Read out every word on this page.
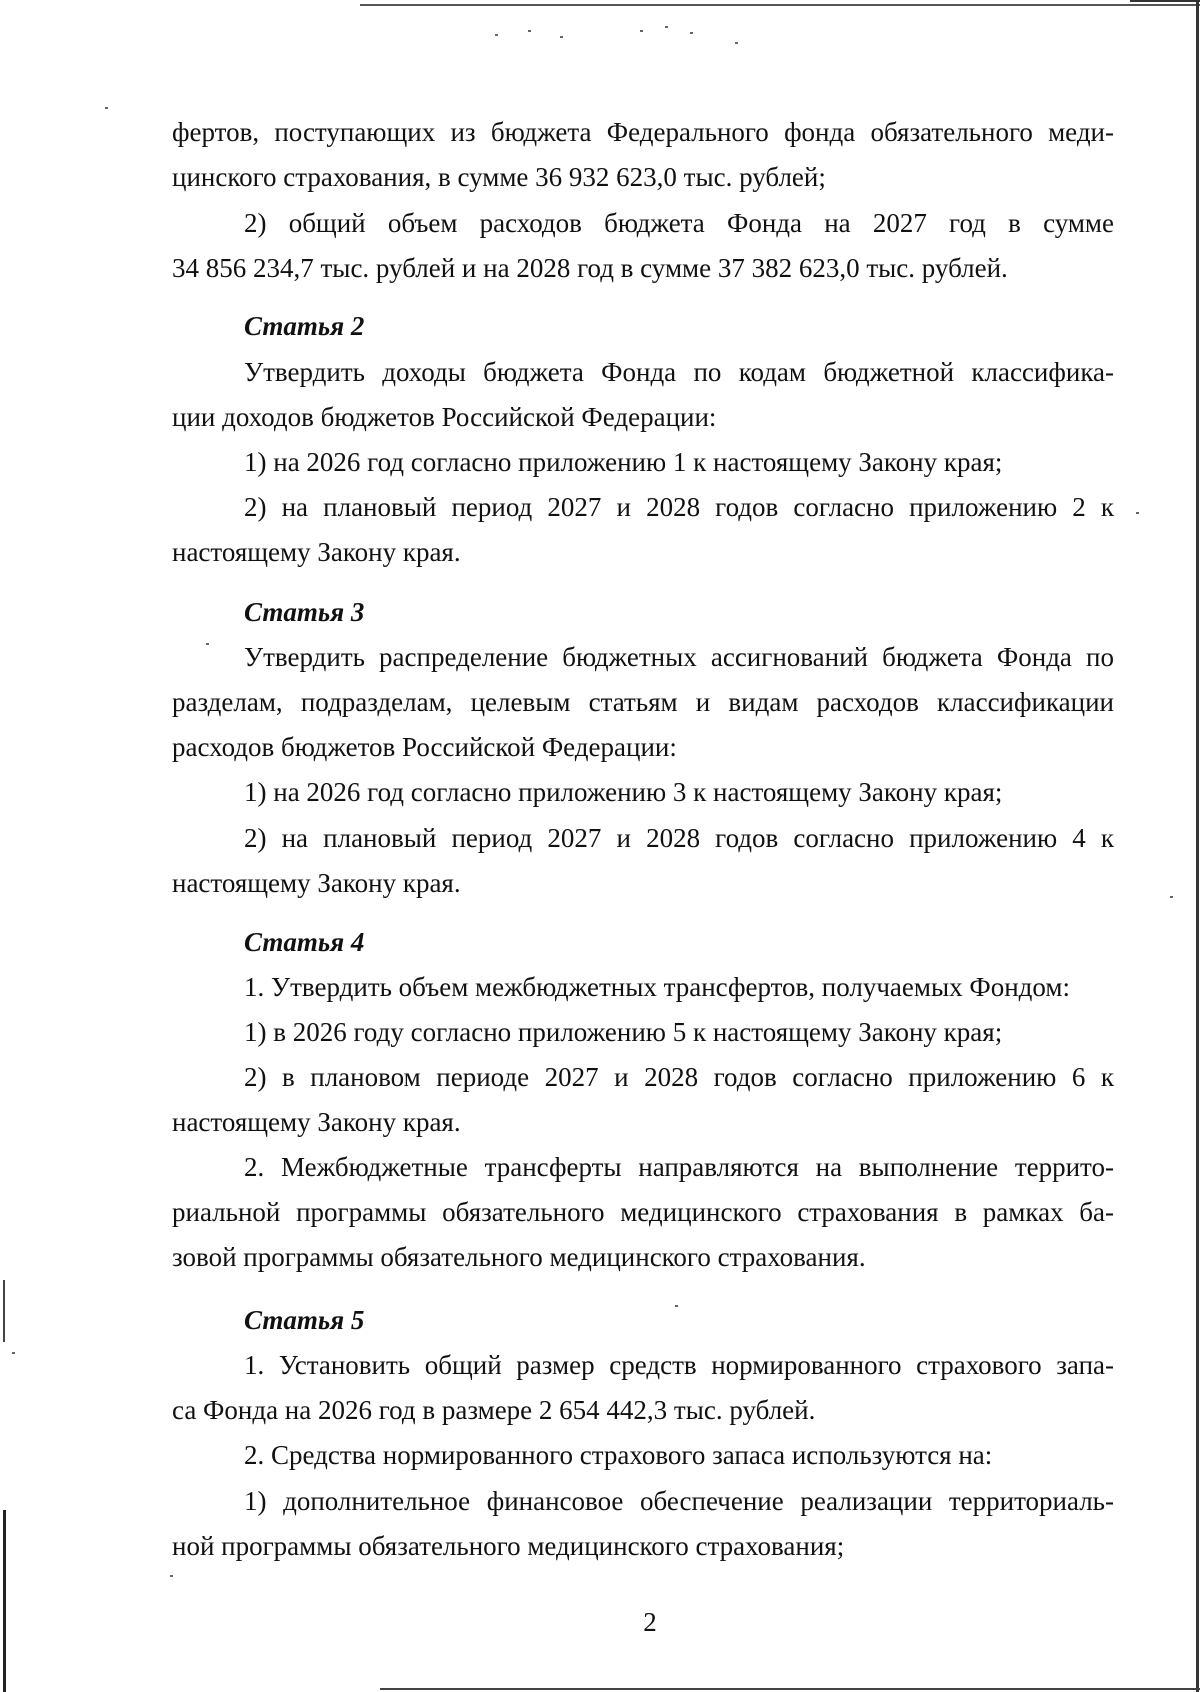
фертов, поступающих из бюджета Федерального фонда обязательного меди-
цинского страхования, в сумме 36 932 623,0 тыс. рублей;
2) общий объем расходов бюджета Фонда на 2027 год в сумме
34 856 234,7 тыс. рублей и на 2028 год в сумме 37 382 623,0 тыс. рублей.
Статья 2
Утвердить доходы бюджета Фонда по кодам бюджетной классифика-
ции доходов бюджетов Российской Федерации:
1) на 2026 год согласно приложению 1 к настоящему Закону края;
2) на плановый период 2027 и 2028 годов согласно приложению 2 к
настоящему Закону края.
Статья 3
Утвердить распределение бюджетных ассигнований бюджета Фонда по
разделам, подразделам, целевым статьям и видам расходов классификации
расходов бюджетов Российской Федерации:
1) на 2026 год согласно приложению 3 к настоящему Закону края;
2) на плановый период 2027 и 2028 годов согласно приложению 4 к
настоящему Закону края.
Статья 4
1. Утвердить объем межбюджетных трансфертов, получаемых Фондом:
1) в 2026 году согласно приложению 5 к настоящему Закону края;
2) в плановом периоде 2027 и 2028 годов согласно приложению 6 к
настоящему Закону края.
2. Межбюджетные трансферты направляются на выполнение террито-
риальной программы обязательного медицинского страхования в рамках ба-
зовой программы обязательного медицинского страхования.
Статья 5
1. Установить общий размер средств нормированного страхового запа-
са Фонда на 2026 год в размере 2 654 442,3 тыс. рублей.
2. Средства нормированного страхового запаса используются на:
1) дополнительное финансовое обеспечение реализации территориаль-
ной программы обязательного медицинского страхования;
2
